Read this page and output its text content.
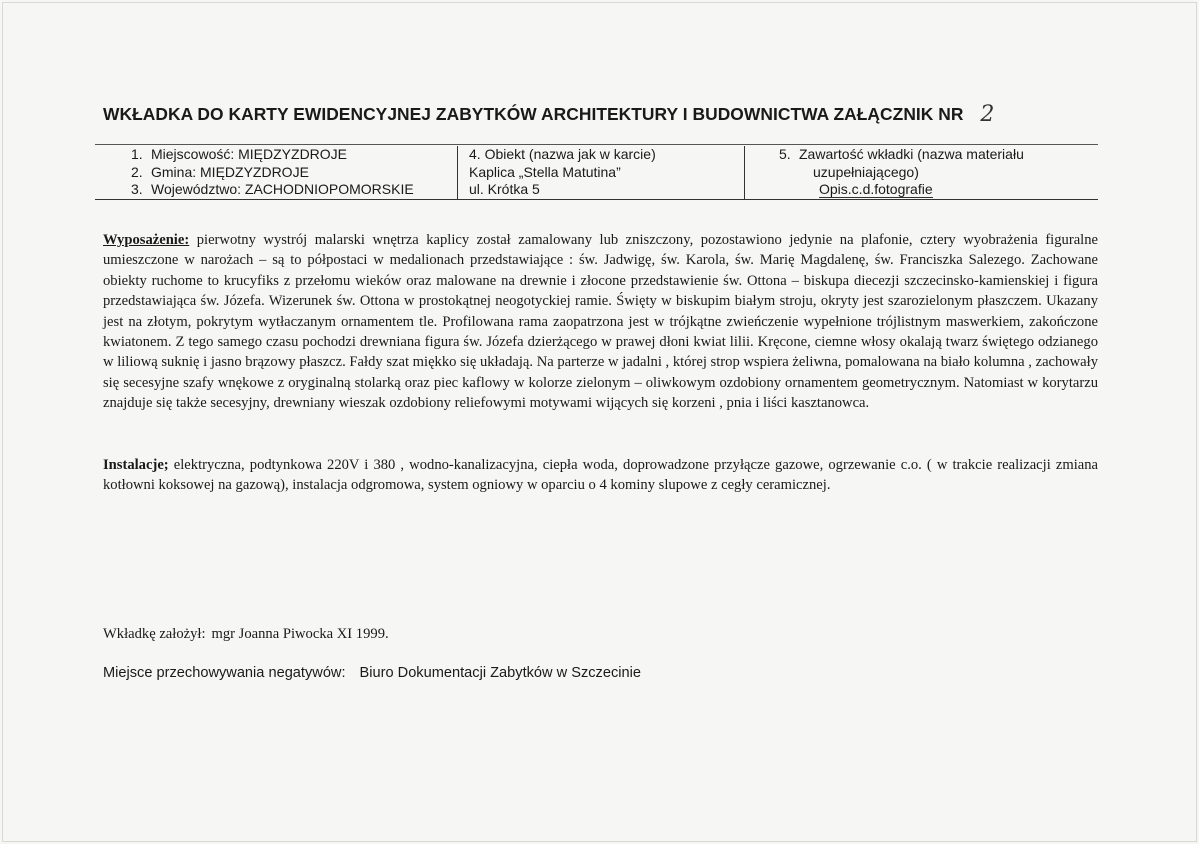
WKŁADKA DO KARTY EWIDENCYJNEJ ZABYTKÓW ARCHITEKTURY I BUDOWNICTWA ZAŁĄCZNIK NR 2
1. Miejscowość: MIĘDZYZDROJE
2. Gmina: MIĘDZYZDROJE
3. Województwo: ZACHODNIOPOMORSKIE
4. Obiekt (nazwa jak w karcie)
Kaplica „Stella Matutina”
ul. Krótka 5
5. Zawartość wkładki (nazwa materiału
uzupełniającego)
Opis.c.d.fotografie
Wyposażenie: pierwotny wystrój malarski wnętrza kaplicy został zamalowany lub zniszczony, pozostawiono jedynie na plafonie, cztery wyobrażenia figuralne umieszczone w narożach – są to półpostaci w medalionach przedstawiające : św. Jadwigę, św. Karola, św. Marię Magdalenę, św. Franciszka Salezego. Zachowane obiekty ruchome to krucyfiks z przełomu wieków oraz malowane na drewnie i złocone przedstawienie św. Ottona – biskupa diecezji szczecinsko-kamienskiej i figura przedstawiająca św. Józefa. Wizerunek św. Ottona w prostokątnej neogotyckiej ramie. Święty w biskupim białym stroju, okryty jest szarozielonym płaszczem. Ukazany jest na złotym, pokrytym wytłaczanym ornamentem tle. Profilowana rama zaopatrzona jest w trójkątne zwieńczenie wypełnione trójlistnym maswerkiem, zakończone kwiatonem. Z tego samego czasu pochodzi drewniana figura św. Józefa dzierżącego w prawej dłoni kwiat lilii. Kręcone, ciemne włosy okalają twarz świętego odzianego w liliową suknię i jasno brązowy płaszcz. Fałdy szat miękko się układają. Na parterze w jadalni , której strop wspiera żeliwna, pomalowana na biało kolumna , zachowały się secesyjne szafy wnękowe z oryginalną stolarką oraz piec kaflowy w kolorze zielonym – oliwkowym ozdobiony ornamentem geometrycznym. Natomiast w korytarzu znajduje się także secesyjny, drewniany wieszak ozdobiony reliefowymi motywami wijących się korzeni , pnia i liści kasztanowca.
Instalacje; elektryczna, podtynkowa 220V i 380 , wodno-kanalizacyjna, ciepła woda, doprowadzone przyłącze gazowe, ogrzewanie c.o. ( w trakcie realizacji zmiana kotłowni koksowej na gazową), instalacja odgromowa, system ogniowy w oparciu o 4 kominy slupowe z cegły ceramicznej.
Wkładkę założył: mgr Joanna Piwocka XI 1999.
Miejsce przechowywania negatywów: Biuro Dokumentacji Zabytków w Szczecinie
